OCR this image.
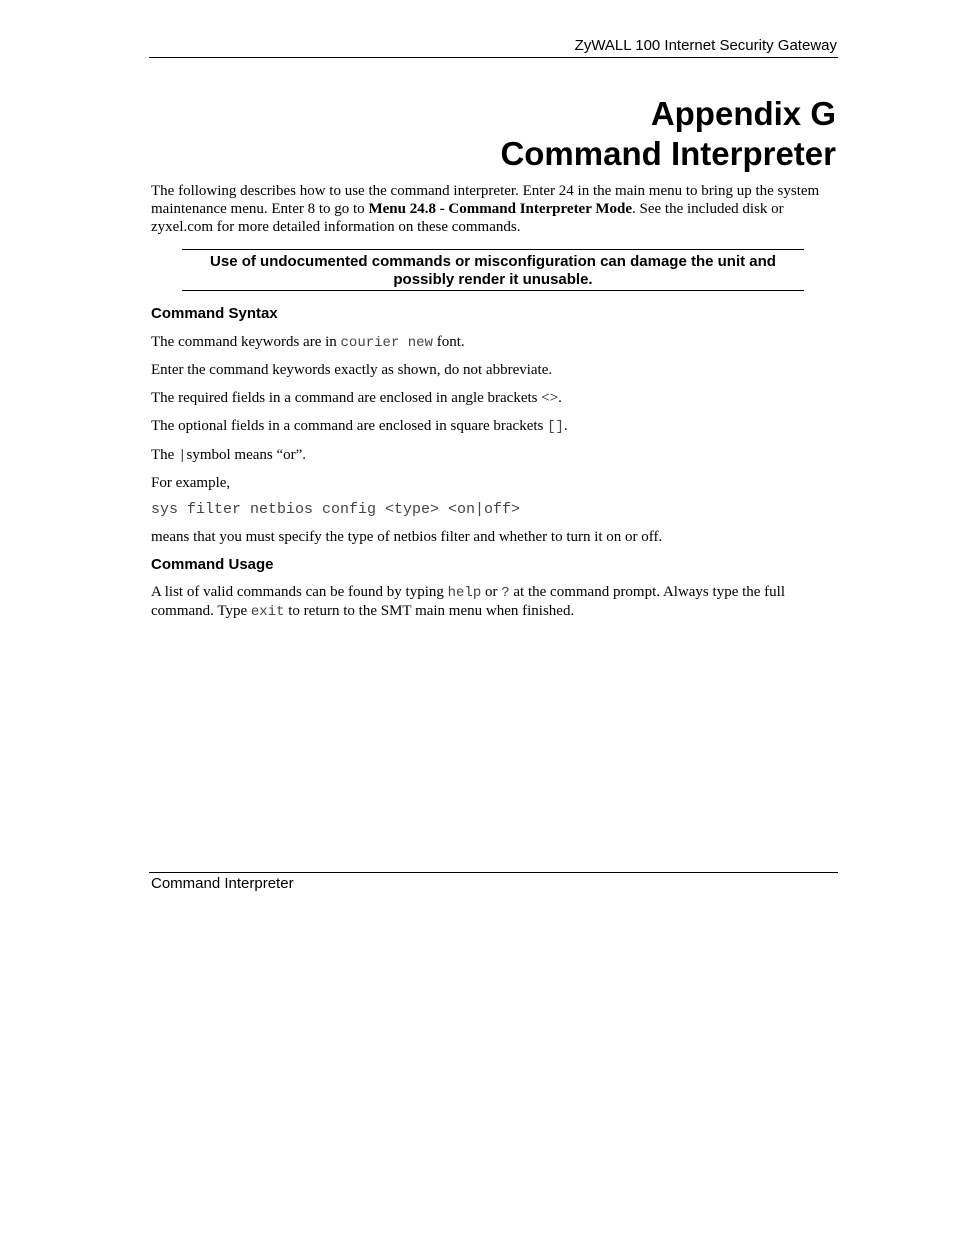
ZyWALL 100 Internet Security Gateway
Appendix G
Command Interpreter
The following describes how to use the command interpreter. Enter 24 in the main menu to bring up the system maintenance menu. Enter 8 to go to Menu 24.8 - Command Interpreter Mode. See the included disk or zyxel.com for more detailed information on these commands.
Use of undocumented commands or misconfiguration can damage the unit and
possibly render it unusable.
Command Syntax
The command keywords are in courier new font.
Enter the command keywords exactly as shown, do not abbreviate.
The required fields in a command are enclosed in angle brackets <>.
The optional fields in a command are enclosed in square brackets [].
The |symbol means “or”.
For example,
sys filter netbios config <type> <on|off>
means that you must specify the type of netbios filter and whether to turn it on or off.
Command Usage
A list of valid commands can be found by typing help or ? at the command prompt. Always type the full command. Type exit to return to the SMT main menu when finished.
Command Interpreter
